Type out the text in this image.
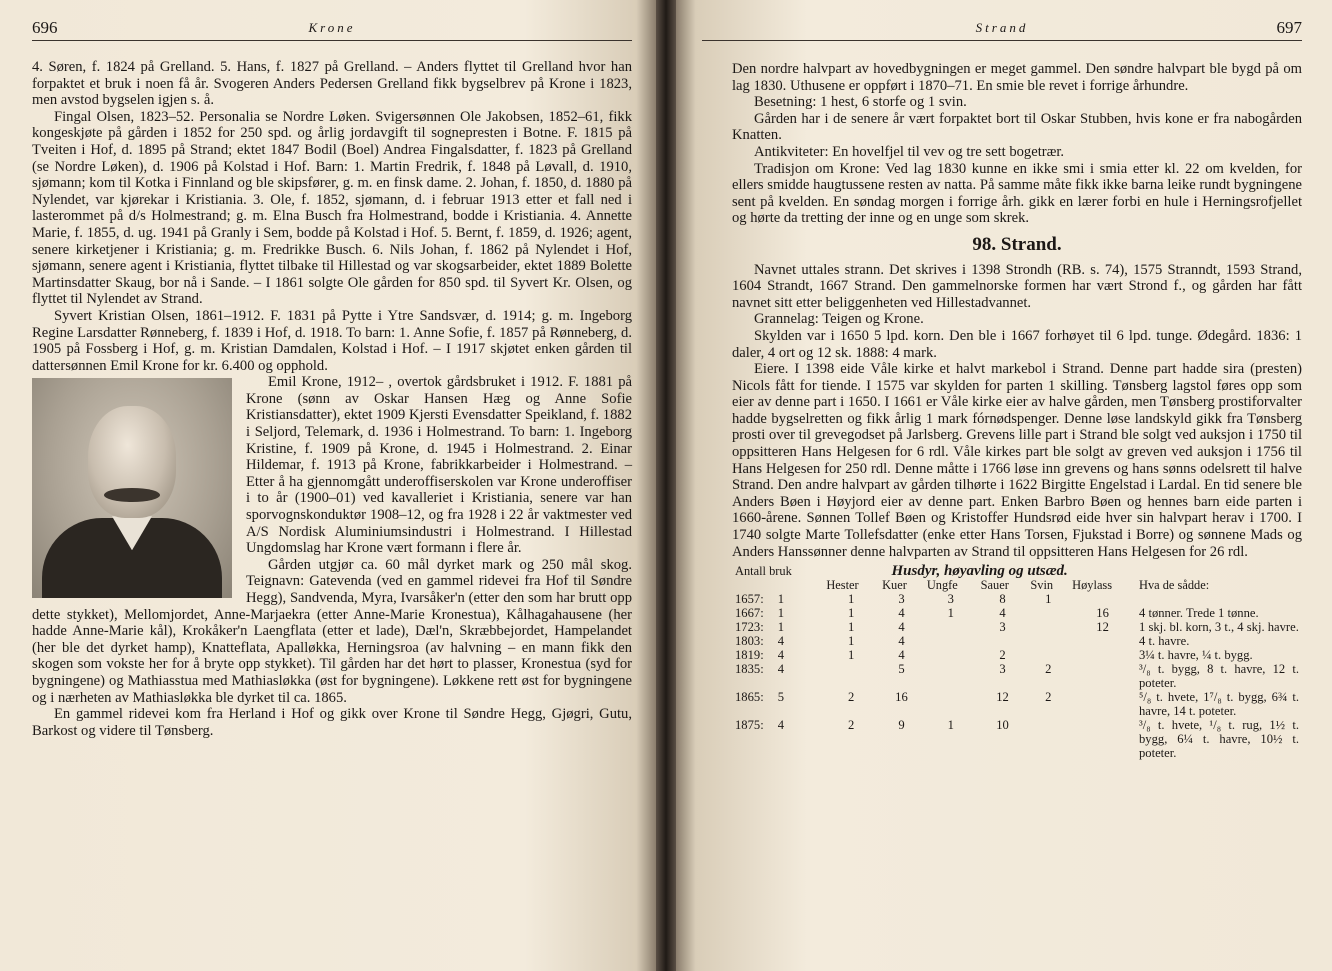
696	Krone

4. Søren, f. 1824 på Grelland. 5. Hans, f. 1827 på Grelland. – Anders flyttet til Grelland hvor han forpaktet et bruk i noen få år. Svogeren Anders Pedersen Grelland fikk bygselbrev på Krone i 1823, men avstod bygselen igjen s. å.

Fingal Olsen, 1823–52. Personalia se Nordre Løken. Svigersønnen Ole Jakobsen, 1852–61, fikk kongeskjøte på gården i 1852 for 250 spd. og årlig jordavgift til sognepresten i Botne. F. 1815 på Tveiten i Hof, d. 1895 på Strand; ektet 1847 Bodil (Boel) Andrea Fingalsdatter, f. 1823 på Grelland (se Nordre Løken), d. 1906 på Kolstad i Hof. Barn: 1. Martin Fredrik, f. 1848 på Løvall, d. 1910, sjømann; kom til Kotka i Finnland og ble skipsfører, g. m. en finsk dame. 2. Johan, f. 1850, d. 1880 på Nylendet, var kjørekar i Kristiania. 3. Ole, f. 1852, sjømann, d. i februar 1913 etter et fall ned i lasterommet på d/s Holmestrand; g. m. Elna Busch fra Holmestrand, bodde i Kristiania. 4. Annette Marie, f. 1855, d. ug. 1941 på Granly i Sem, bodde på Kolstad i Hof. 5. Bernt, f. 1859, d. 1926; agent, senere kirketjener i Kristiania; g. m. Fredrikke Busch. 6. Nils Johan, f. 1862 på Nylendet i Hof, sjømann, senere agent i Kristiania, flyttet tilbake til Hillestad og var skogsarbeider, ektet 1889 Bolette Martinsdatter Skaug, bor nå i Sande. – I 1861 solgte Ole gården for 850 spd. til Syvert Kr. Olsen, og flyttet til Nylendet av Strand.

Syvert Kristian Olsen, 1861–1912. F. 1831 på Pytte i Ytre Sandsvær, d. 1914; g. m. Ingeborg Regine Larsdatter Rønneberg, f. 1839 i Hof, d. 1918. To barn: 1. Anne Sofie, f. 1857 på Rønneberg, d. 1905 på Fossberg i Hof, g. m. Kristian Damdalen, Kolstad i Hof. – I 1917 skjøtet enken gården til dattersønnen Emil Krone for kr. 6.400 og opphold.

Emil Krone, 1912– , overtok gårdsbruket i 1912. F. 1881 på Krone (sønn av Oskar Hansen Hæg og Anne Sofie Kristiansdatter), ektet 1909 Kjersti Evensdatter Speikland, f. 1882 i Seljord, Telemark, d. 1936 i Holmestrand. To barn: 1. Ingeborg Kristine, f. 1909 på Krone, d. 1945 i Holmestrand. 2. Einar Hildemar, f. 1913 på Krone, fabrikkarbeider i Holmestrand. – Etter å ha gjennomgått underoffiserskolen var Krone underoffiser i to år (1900–01) ved kavalleriet i Kristiania, senere var han sporvognskonduktør 1908–12, og fra 1928 i 22 år vaktmester ved A/S Nordisk Aluminiumsindustri i Holmestrand. I Hillestad Ungdomslag har Krone vært formann i flere år.

Gården utgjør ca. 60 mål dyrket mark og 250 mål skog. Teignavn: Gatevenda (ved en gammel ridevei fra Hof til Søndre Hegg), Sandvenda, Myra, Ivarsåker'n (etter den som har brutt opp dette stykket), Mellomjordet, Anne-Marjaekra (etter Anne-Marie Kronestua), Kålhagahausene (her hadde Anne-Marie kål), Krokåker'n Laengflata (etter et lade), Dæl'n, Skræbbejordet, Hampelandet (her ble det dyrket hamp), Knatteflata, Apalløkka, Herningsroa (av halvning – en mann fikk den skogen som vokste her for å bryte opp stykket). Til gården har det hørt to plasser, Kronestua (syd for bygningene) og Mathiasstua med Mathiasløkka (øst for bygningene). Løkkene rett øst for bygningene og i nærheten av Mathiasløkka ble dyrket til ca. 1865.

En gammel ridevei kom fra Herland i Hof og gikk over Krone til Søndre Hegg, Gjøgri, Gutu, Barkost og videre til Tønsberg.

Strand	697

Den nordre halvpart av hovedbygningen er meget gammel. Den søndre halvpart ble bygd på om lag 1830. Uthusene er oppført i 1870–71. En smie ble revet i forrige århundre.

Besetning: 1 hest, 6 storfe og 1 svin.

Gården har i de senere år vært forpaktet bort til Oskar Stubben, hvis kone er fra nabogården Knatten.

Antikviteter: En hovelfjel til vev og tre sett bogetrær.

Tradisjon om Krone: Ved lag 1830 kunne en ikke smi i smia etter kl. 22 om kvelden, for ellers smidde haugtussene resten av natta. På samme måte fikk ikke barna leike rundt bygningene sent på kvelden. En søndag morgen i forrige årh. gikk en lærer forbi en hule i Herningsrofjellet og hørte da tretting der inne og en unge som skrek.

98. Strand.

Navnet uttales strann. Det skrives i 1398 Strondh (RB. s. 74), 1575 Stranndt, 1593 Strand, 1604 Strandt, 1667 Strand. Den gammelnorske formen har vært Strond f., og gården har fått navnet sitt etter beliggenheten ved Hillestadvannet.

Grannelag: Teigen og Krone.

Skylden var i 1650 5 lpd. korn. Den ble i 1667 forhøyet til 6 lpd. tunge. Ødegård. 1836: 1 daler, 4 ort og 12 sk. 1888: 4 mark.

Eiere. I 1398 eide Våle kirke et halvt markebol i Strand. Denne part hadde sira (presten) Nicols fått for tiende. I 1575 var skylden for parten 1 skilling. Tønsberg lagstol føres opp som eier av denne part i 1650. I 1661 er Våle kirke eier av halve gården, men Tønsberg prostiforvalter hadde bygselretten og fikk årlig 1 mark fórnødspenger. Denne løse landskyld gikk fra Tønsberg prosti over til grevegodset på Jarlsberg. Grevens lille part i Strand ble solgt ved auksjon i 1750 til oppsitteren Hans Helgesen for 6 rdl. Våle kirkes part ble solgt av greven ved auksjon i 1756 til Hans Helgesen for 250 rdl. Denne måtte i 1766 løse inn grevens og hans sønns odelsrett til halve Strand. Den andre halvpart av gården tilhørte i 1622 Birgitte Engelstad i Lardal. En tid senere ble Anders Bøen i Høyjord eier av denne part. Enken Barbro Bøen og hennes barn eide parten i 1660-årene. Sønnen Tollef Bøen og Kristoffer Hundsrød eide hver sin halvpart herav i 1700. I 1740 solgte Marte Tollefsdatter (enke etter Hans Torsen, Fjukstad i Borre) og sønnene Mads og Anders Hanssønner denne halvparten av Strand til oppsitteren Hans Helgesen for 26 rdl.

Antall bruk	Husdyr, høyavling og utsæd.						
	Hester	Kuer	Ungfe	Sauer	Svin	Høylass	Hva de sådde:
1657: 1	1	3	3	8	1		
1667: 1	1	4	1	4		16	4 tønner. Trede 1 tønne.
1723: 1	1	4		3		12	1 skj. bl. korn, 3 t., 4 skj. havre.
1803: 4	1	4					4 t. havre.
1819: 4	1	4		2			3¼ t. havre, ¼ t. bygg.
1835: 4		5		3	2		³/₈ t. bygg, 8 t. havre, 12 t. poteter.
1865: 5	2	16		12	2		⁵/₈ t. hvete, 1⁷/₈ t. bygg, 6¾ t. havre, 14 t. poteter.
1875: 4	2	9	1	10			³/₈ t. hvete, ¹/₈ t. rug, 1½ t. bygg, 6¼ t. havre, 10½ t. poteter.
